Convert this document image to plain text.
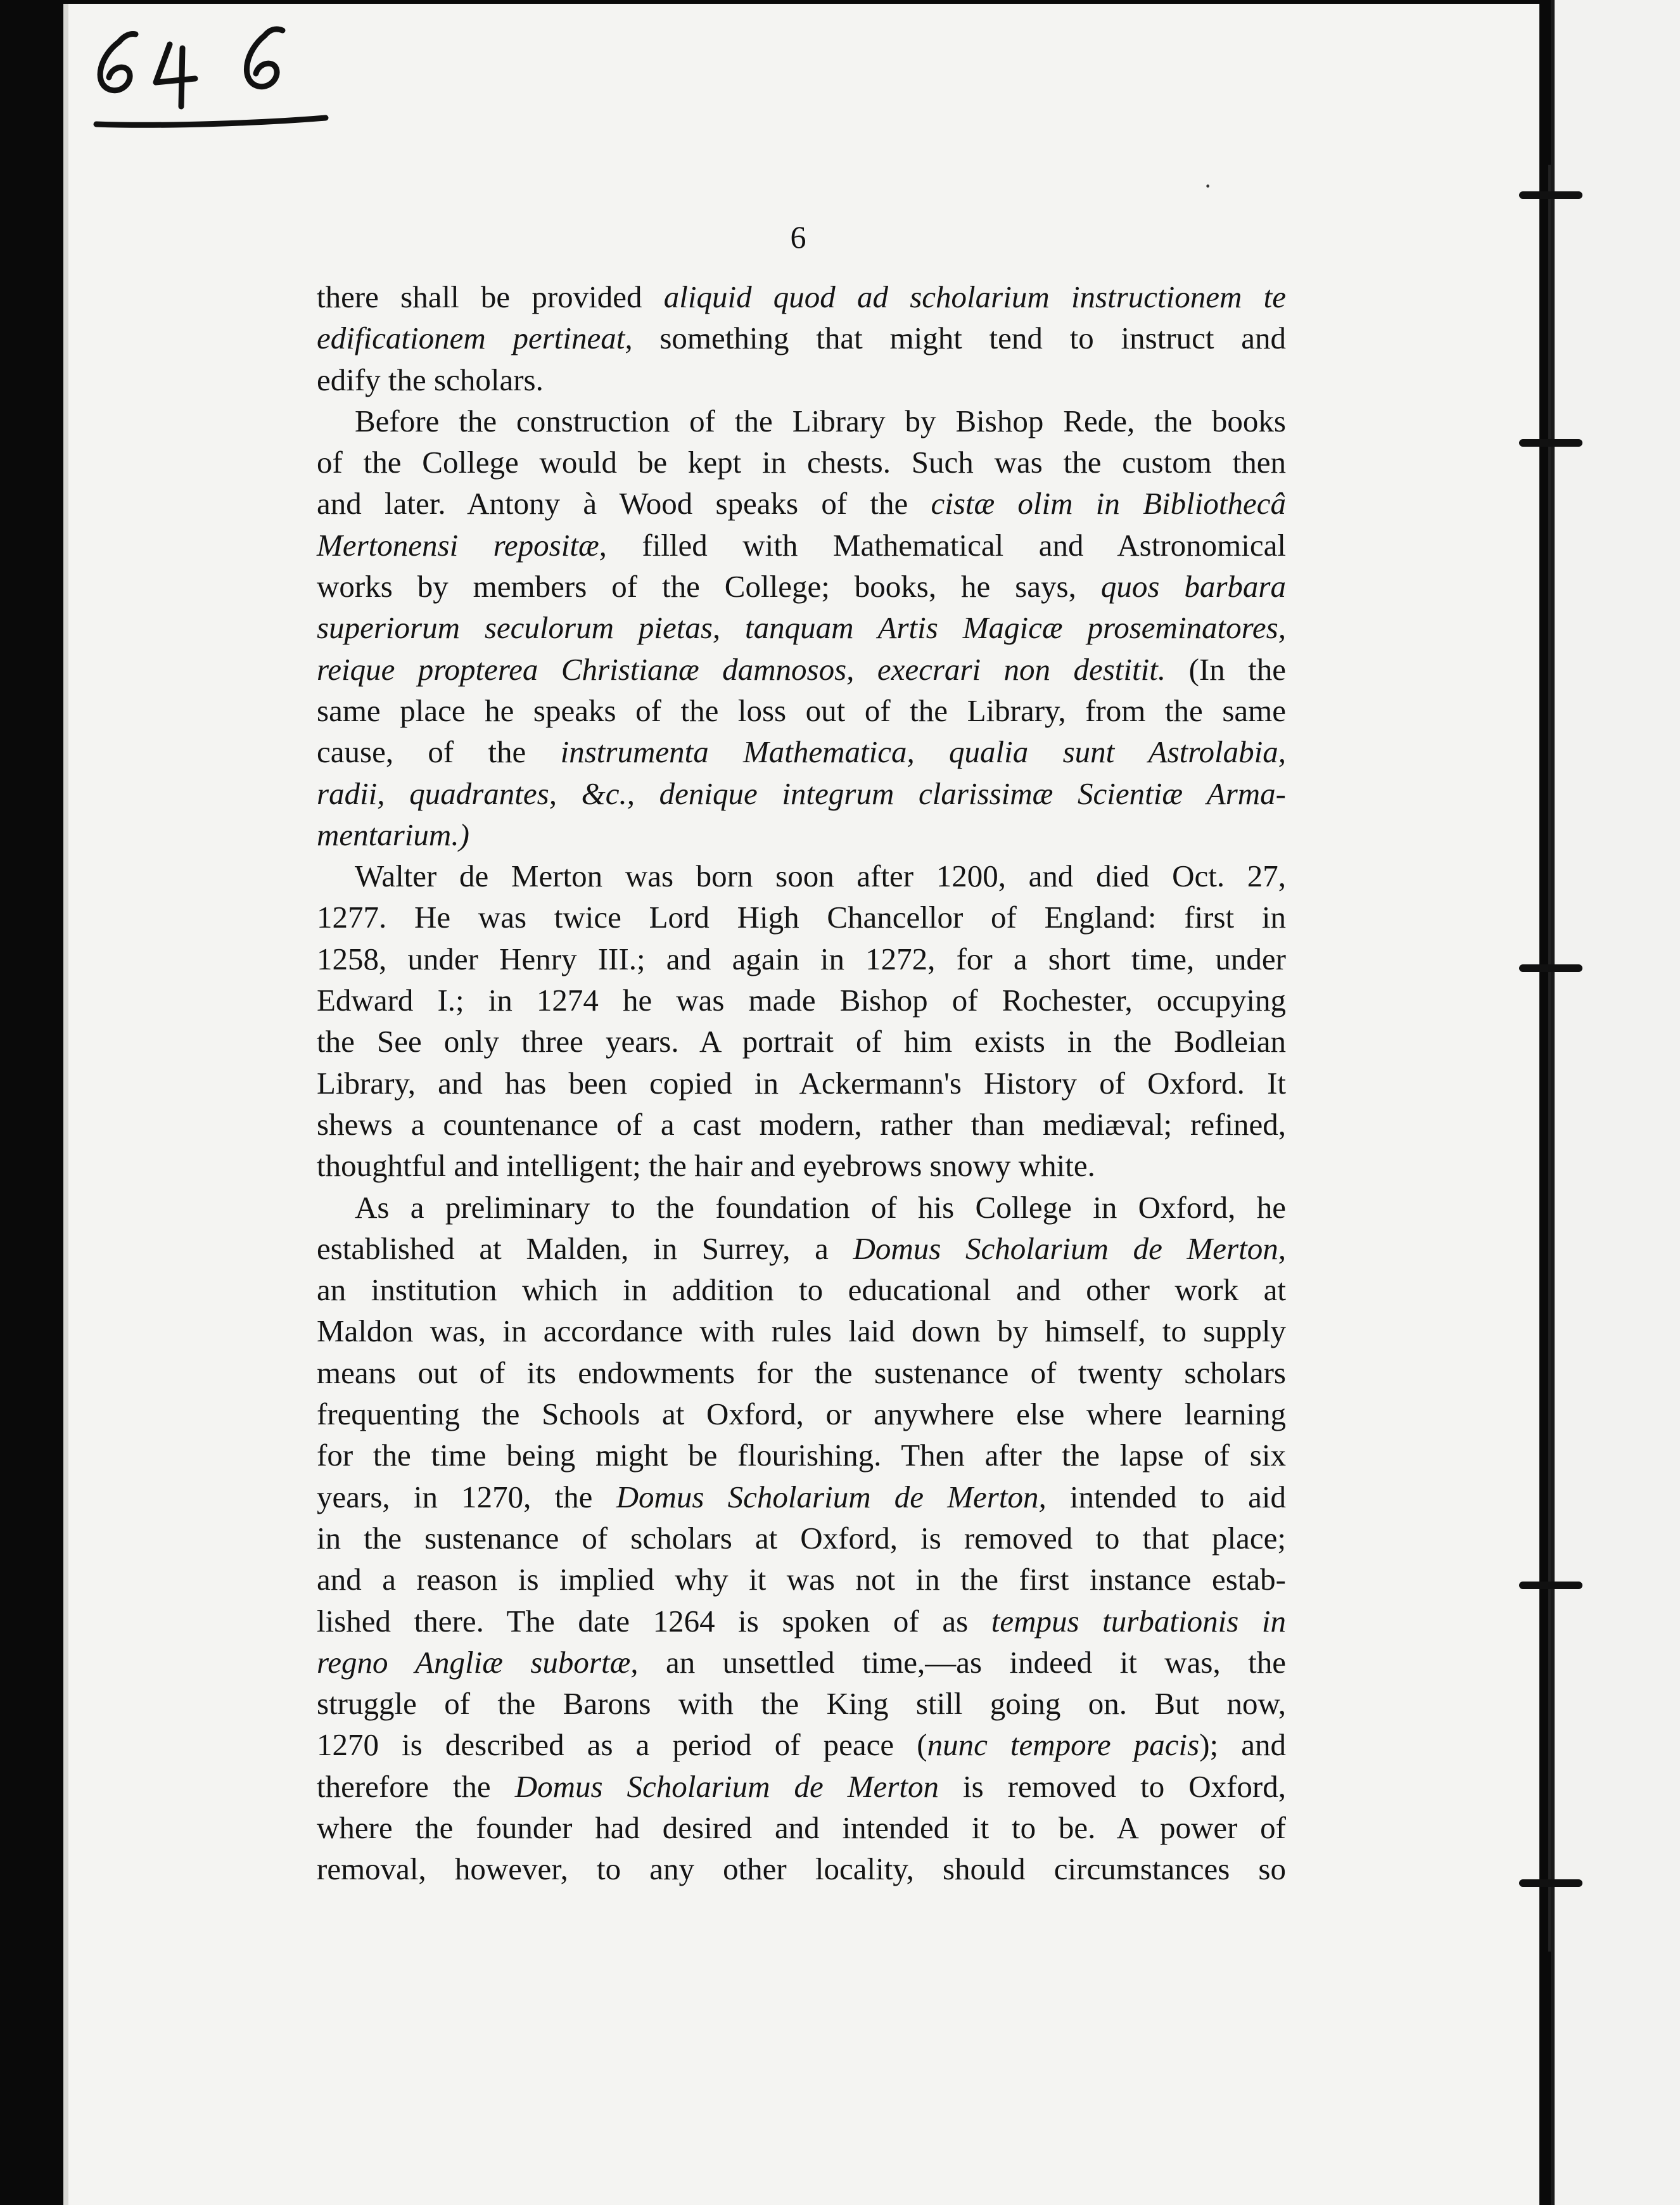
·
6
there shall be provided aliquid quod ad scholarium instructionem te
edificationem pertineat, something that might tend to instruct and
edify the scholars.
Before the construction of the Library by Bishop Rede, the books
of the College would be kept in chests. Such was the custom then
and later. Antony à Wood speaks of the cistæ olim in Bibliothecâ
Mertonensi repositæ, filled with Mathematical and Astronomical
works by members of the College; books, he says, quos barbara
superiorum seculorum pietas, tanquam Artis Magicæ proseminatores,
reique propterea Christianæ damnosos, execrari non destitit. (In the
same place he speaks of the loss out of the Library, from the same
cause, of the instrumenta Mathematica, qualia sunt Astrolabia,
radii, quadrantes, &c., denique integrum clarissimæ Scientiæ Arma-
mentarium.)
Walter de Merton was born soon after 1200, and died Oct. 27,
1277. He was twice Lord High Chancellor of England: first in
1258, under Henry III.; and again in 1272, for a short time, under
Edward I.; in 1274 he was made Bishop of Rochester, occupying
the See only three years. A portrait of him exists in the Bodleian
Library, and has been copied in Ackermann's History of Oxford. It
shews a countenance of a cast modern, rather than mediæval; refined,
thoughtful and intelligent; the hair and eyebrows snowy white.
As a preliminary to the foundation of his College in Oxford, he
established at Malden, in Surrey, a Domus Scholarium de Merton,
an institution which in addition to educational and other work at
Maldon was, in accordance with rules laid down by himself, to supply
means out of its endowments for the sustenance of twenty scholars
frequenting the Schools at Oxford, or anywhere else where learning
for the time being might be flourishing. Then after the lapse of six
years, in 1270, the Domus Scholarium de Merton, intended to aid
in the sustenance of scholars at Oxford, is removed to that place;
and a reason is implied why it was not in the first instance estab-
lished there. The date 1264 is spoken of as tempus turbationis in
regno Angliæ subortæ, an unsettled time,—as indeed it was, the
struggle of the Barons with the King still going on. But now,
1270 is described as a period of peace (nunc tempore pacis); and
therefore the Domus Scholarium de Merton is removed to Oxford,
where the founder had desired and intended it to be. A power of
removal, however, to any other locality, should circumstances so
